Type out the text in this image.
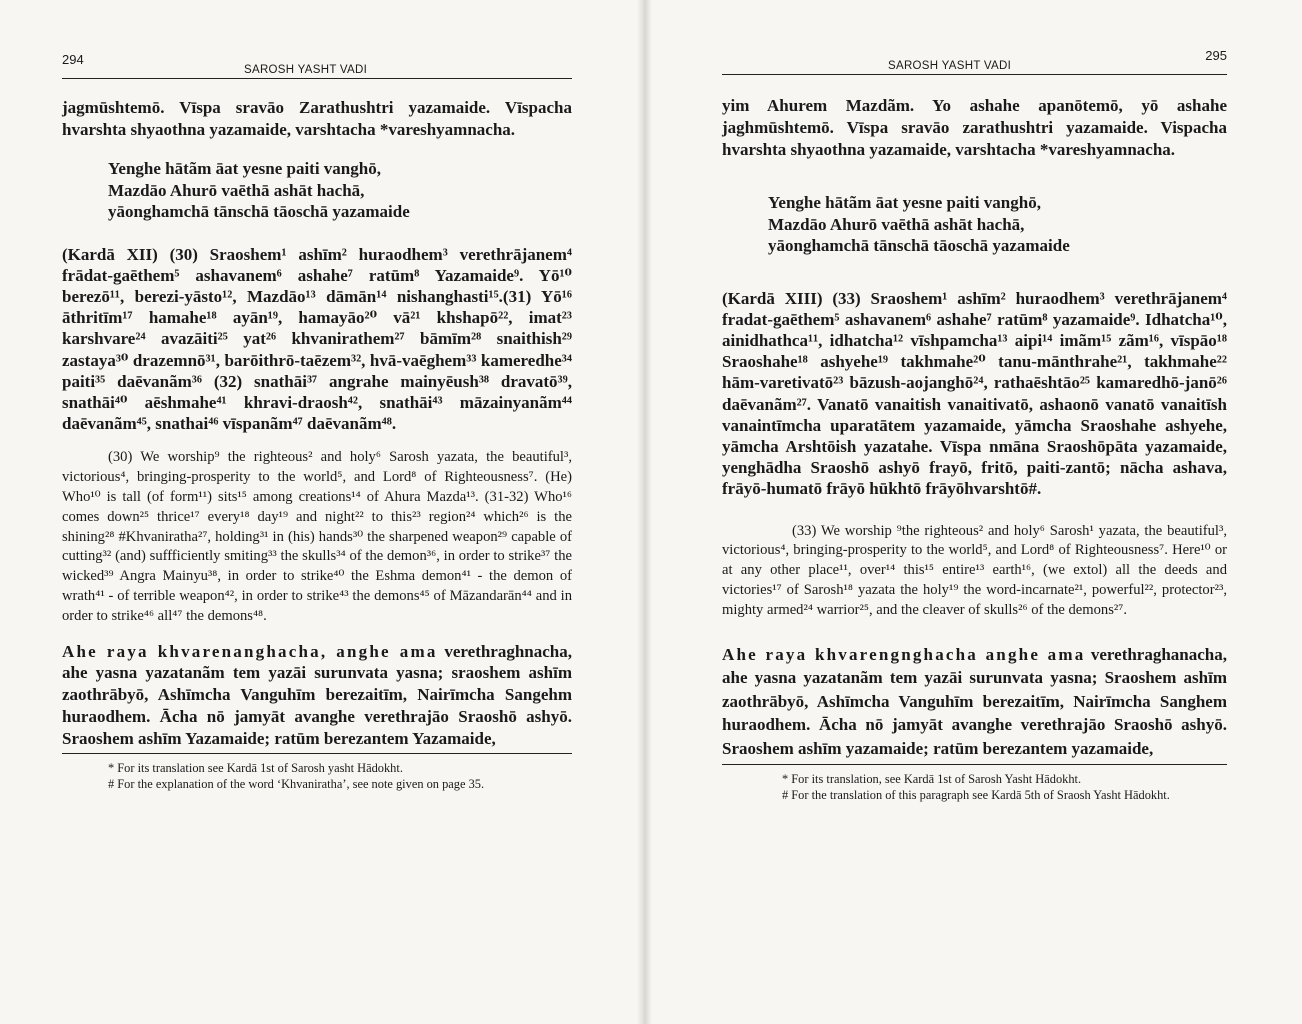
294
SAROSH YASHT VADI

jagmūshtemō. Vīspa sravāo Zarathushtri yazamaide. Vīspacha hvarshta shyaothna yazamaide, varshtacha *vareshyamnacha.

Yenghe hātãm āat yesne paiti vanghō,
Mazdāo Ahurō vaēthā ashāt hachā,
yāonghamchā tānschā tāoschā yazamaide

(Kardā XII) (30) Sraoshem¹ ashīm² huraodhem³ verethrājanem⁴ frādat-gaēthem⁵ ashavanem⁶ ashahe⁷ ratūm⁸ Yazamaide⁹. Yō¹⁰ berezō¹¹, berezi-yāsto¹², Mazdāo¹³ dāmān¹⁴ nishanghasti¹⁵.(31) Yō¹⁶ āthritīm¹⁷ hamahe¹⁸ ayān¹⁹, hamayāo²⁰ vā²¹ khshapō²², imat²³ karshvare²⁴ avazāiti²⁵ yat²⁶ khvanirathem²⁷ bāmīm²⁸ snaithish²⁹ zastaya³⁰ drazemnō³¹, barōithrō-taēzem³², hvā-vaēghem³³ kameredhe³⁴ paiti³⁵ daēvanãm³⁶ (32) snathāi³⁷ angrahe mainyēush³⁸ dravatō³⁹, snathāi⁴⁰ aēshmahe⁴¹ khravi-draosh⁴², snathāi⁴³ māzainyanãm⁴⁴ daēvanãm⁴⁵, snathai⁴⁶ vīspanãm⁴⁷ daēvanãm⁴⁸.

(30) We worship⁹ the righteous² and holy⁶ Sarosh yazata, the beautiful³, victorious⁴, bringing-prosperity to the world⁵, and Lord⁸ of Righteousness⁷. (He) Who¹⁰ is tall (of form¹¹) sits¹⁵ among creations¹⁴ of Ahura Mazda¹³. (31-32) Who¹⁶ comes down²⁵ thrice¹⁷ every¹⁸ day¹⁹ and night²² to this²³ region²⁴ which²⁶ is the shining²⁸ #Khvaniratha²⁷, holding³¹ in (his) hands³⁰ the sharpened weapon²⁹ capable of cutting³² (and) suffficiently smiting³³ the skulls³⁴ of the demon³⁶, in order to strike³⁷ the wicked³⁹ Angra Mainyu³⁸, in order to strike⁴⁰ the Eshma demon⁴¹ - the demon of wrath⁴¹ - of terrible weapon⁴², in order to strike⁴³ the demons⁴⁵ of Māzandarān⁴⁴ and in order to strike⁴⁶ all⁴⁷ the demons⁴⁸.

Ahe raya khvarenanghacha, anghe ama verethraghnacha, ahe yasna yazatanãm tem yazāi surunvata yasna; sraoshem ashīm zaothrābyō, Ashīmcha Vanguhīm berezaitīm, Nairīmcha Sangehm huraodhem. Ācha nō jamyāt avanghe verethrajāo Sraoshō ashyō. Sraoshem ashīm Yazamaide; ratūm berezantem Yazamaide,

* For its translation see Kardā 1st of Sarosh yasht Hādokht.

# For the explanation of the word ‘Khvaniratha’, see note given on page 35.

SAROSH YASHT VADI
295

yim Ahurem Mazdãm. Yo ashahe apanōtemō, yō ashahe jaghmūshtemō. Vīspa sravāo zarathushtri yazamaide. Vispacha hvarshta shyaothna yazamaide, varshtacha *vareshyamnacha.

Yenghe hātãm āat yesne paiti vanghō,
Mazdāo Ahurō vaēthā ashāt hachā,
yāonghamchā tānschā tāoschā yazamaide

(Kardā XIII) (33) Sraoshem¹ ashīm² huraodhem³ verethrājanem⁴ fradat-gaēthem⁵ ashavanem⁶ ashahe⁷ ratūm⁸ yazamaide⁹. Idhatcha¹⁰, ainidhathca¹¹, idhatcha¹² vīshpamcha¹³ aipi¹⁴ imãm¹⁵ zãm¹⁶, vīspāo¹⁸ Sraoshahe¹⁸ ashyehe¹⁹ takhmahe²⁰ tanu-mānthrahe²¹, takhmahe²² hām-varetivatō²³ bāzush-aojanghō²⁴, rathaēshtāo²⁵ kamaredhō-janō²⁶ daēvanãm²⁷. Vanatō vanaitish vanaitivatō, ashaonō vanatō vanaitīsh vanaintīmcha uparatātem yazamaide, yāmcha Sraoshahe ashyehe, yāmcha Arshtōish yazatahe. Vīspa nmāna Sraoshōpāta yazamaide, yenghādha Sraoshō ashyō frayō, fritō, paiti-zantō; nācha ashava, frāyō-humatō frāyō hūkhtō frāyōhvarshtō#.

(33) We worship ⁹the righteous² and holy⁶ Sarosh¹ yazata, the beautiful³, victorious⁴, bringing-prosperity to the world⁵, and Lord⁸ of Righteousness⁷. Here¹⁰ or at any other place¹¹, over¹⁴ this¹⁵ entire¹³ earth¹⁶, (we extol) all the deeds and victories¹⁷ of Sarosh¹⁸ yazata the holy¹⁹ the word-incarnate²¹, powerful²², protector²³, mighty armed²⁴ warrior²⁵, and the cleaver of skulls²⁶ of the demons²⁷.

Ahe raya khvarengnghacha anghe ama verethraghanacha, ahe yasna yazatanãm tem yazāi surunvata yasna; Sraoshem ashīm zaothrābyō, Ashīmcha Vanguhīm berezaitīm, Nairīmcha Sanghem huraodhem. Ācha nō jamyāt avanghe verethrajāo Sraoshō ashyō. Sraoshem ashīm yazamaide; ratūm berezantem yazamaide,

* For its translation, see Kardā 1st of Sarosh Yasht Hādokht.

# For the translation of this paragraph see Kardā 5th of Sraosh Yasht Hādokht.
